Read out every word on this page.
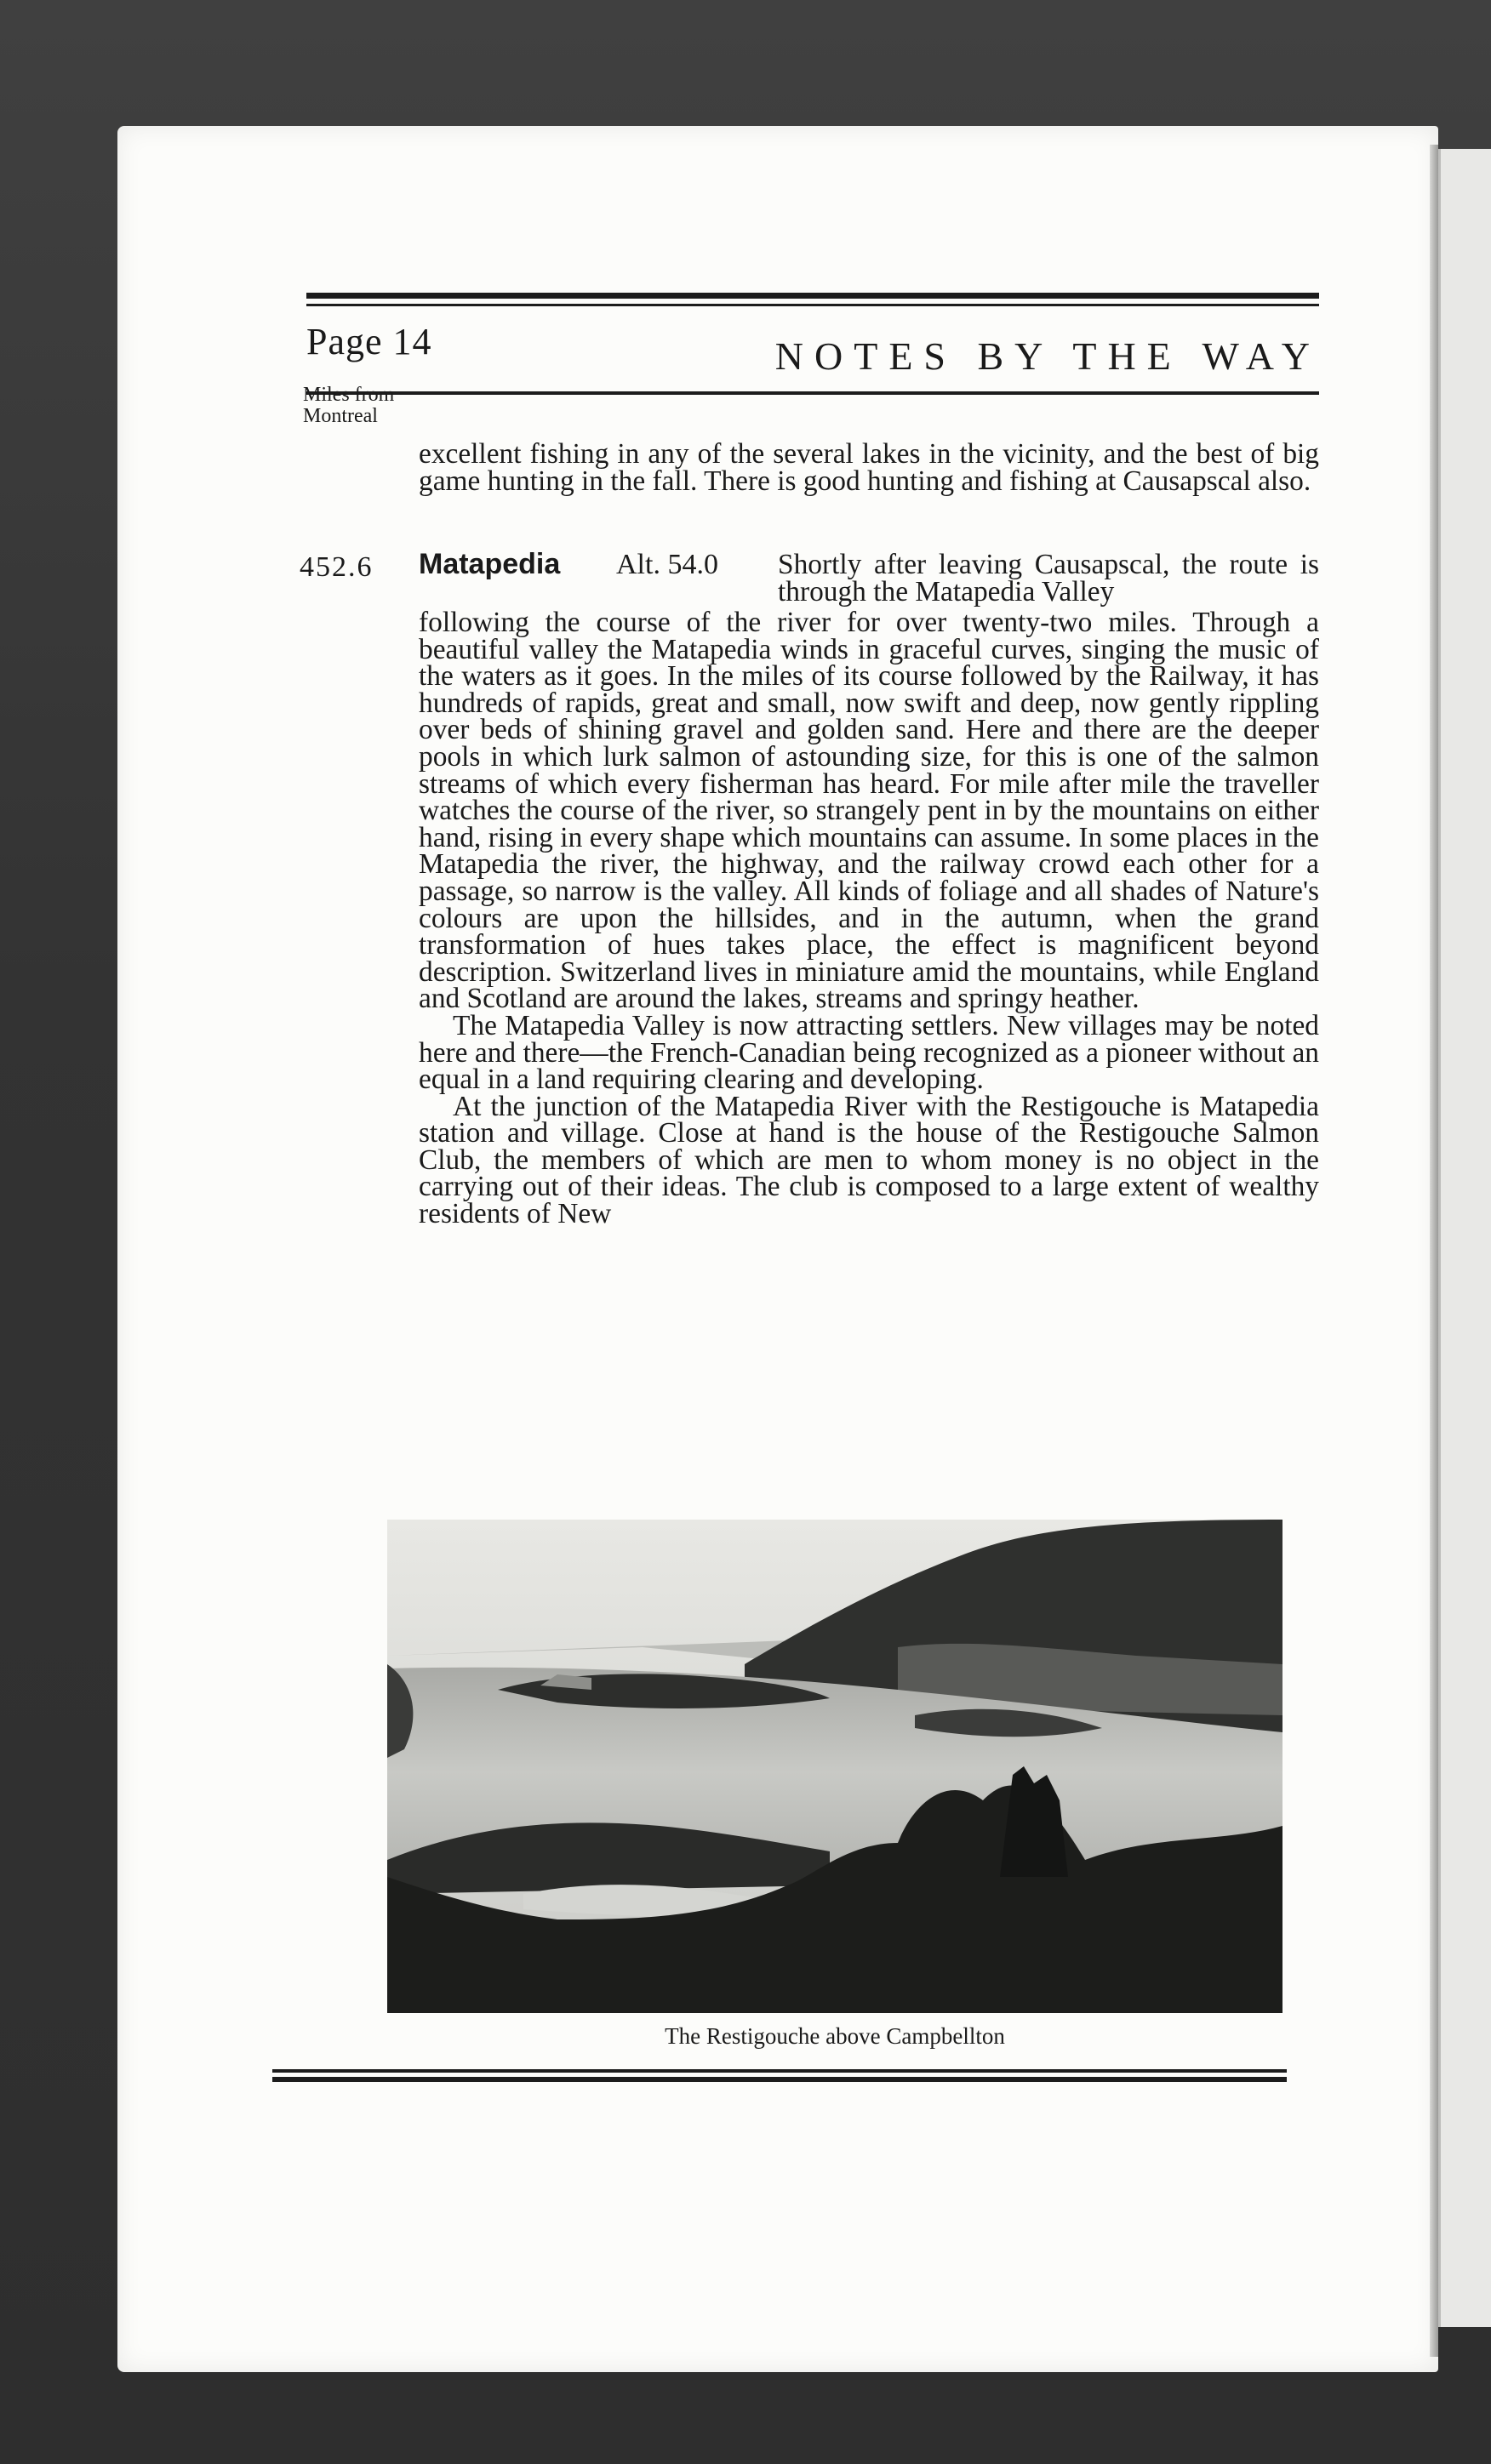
Page 14	NOTES BY THE WAY
Miles from
Montreal

excellent fishing in any of the several lakes in the vicinity, and the best of big game hunting in the fall. There is good hunting and fishing at Causapscal also.

452.6 Matapedia Alt. 54.0 Shortly after leaving Causapscal, the route is through the Matapedia Valley

following the course of the river for over twenty-two miles. Through a beautiful valley the Matapedia winds in graceful curves, singing the music of the waters as it goes. In the miles of its course followed by the Railway, it has hundreds of rapids, great and small, now swift and deep, now gently rippling over beds of shining gravel and golden sand. Here and there are the deeper pools in which lurk salmon of astounding size, for this is one of the salmon streams of which every fisherman has heard. For mile after mile the traveller watches the course of the river, so strangely pent in by the mountains on either hand, rising in every shape which mountains can assume. In some places in the Matapedia the river, the highway, and the railway crowd each other for a passage, so narrow is the valley. All kinds of foliage and all shades of Nature's colours are upon the hillsides, and in the autumn, when the grand transformation of hues takes place, the effect is magnificent beyond description. Switzerland lives in miniature amid the mountains, while England and Scotland are around the lakes, streams and springy heather.

The Matapedia Valley is now attracting settlers. New villages may be noted here and there—the French-Canadian being recognized as a pioneer without an equal in a land requiring clearing and developing.

At the junction of the Matapedia River with the Restigouche is Matapedia station and village. Close at hand is the house of the Restigouche Salmon Club, the members of which are men to whom money is no object in the carrying out of their ideas. The club is composed to a large extent of wealthy residents of New

The Restigouche above Campbellton
